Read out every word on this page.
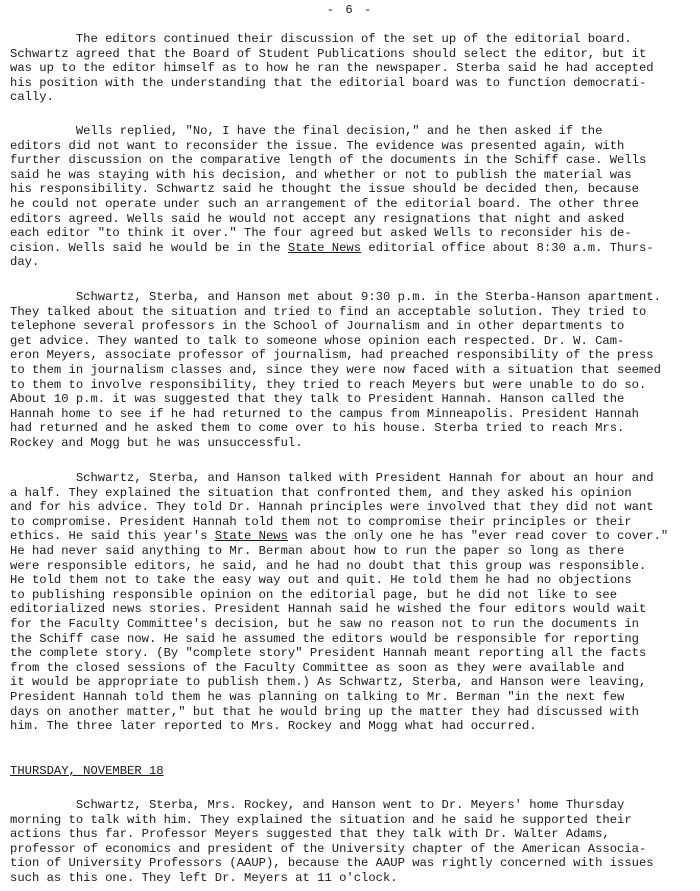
- 6 -
The editors continued their discussion of the set up of the editorial board.
Schwartz agreed that the Board of Student Publications should select the editor, but it
was up to the editor himself as to how he ran the newspaper. Sterba said he had accepted
his position with the understanding that the editorial board was to function democrati-
cally.
Wells replied, "No, I have the final decision," and he then asked if the
editors did not want to reconsider the issue. The evidence was presented again, with
further discussion on the comparative length of the documents in the Schiff case. Wells
said he was staying with his decision, and whether or not to publish the material was
his responsibility. Schwartz said he thought the issue should be decided then, because
he could not operate under such an arrangement of the editorial board. The other three
editors agreed. Wells said he would not accept any resignations that night and asked
each editor "to think it over." The four agreed but asked Wells to reconsider his de-
cision. Wells said he would be in the State News editorial office about 8:30 a.m. Thurs-
day.
Schwartz, Sterba, and Hanson met about 9:30 p.m. in the Sterba-Hanson apartment.
They talked about the situation and tried to find an acceptable solution. They tried to
telephone several professors in the School of Journalism and in other departments to
get advice. They wanted to talk to someone whose opinion each respected. Dr. W. Cam-
eron Meyers, associate professor of journalism, had preached responsibility of the press
to them in journalism classes and, since they were now faced with a situation that seemed
to them to involve responsibility, they tried to reach Meyers but were unable to do so.
About 10 p.m. it was suggested that they talk to President Hannah. Hanson called the
Hannah home to see if he had returned to the campus from Minneapolis. President Hannah
had returned and he asked them to come over to his house. Sterba tried to reach Mrs.
Rockey and Mogg but he was unsuccessful.
Schwartz, Sterba, and Hanson talked with President Hannah for about an hour and
a half. They explained the situation that confronted them, and they asked his opinion
and for his advice. They told Dr. Hannah principles were involved that they did not want
to compromise. President Hannah told them not to compromise their principles or their
ethics. He said this year's State News was the only one he has "ever read cover to cover."
He had never said anything to Mr. Berman about how to run the paper so long as there
were responsible editors, he said, and he had no doubt that this group was responsible.
He told them not to take the easy way out and quit. He told them he had no objections
to publishing responsible opinion on the editorial page, but he did not like to see
editorialized news stories. President Hannah said he wished the four editors would wait
for the Faculty Committee's decision, but he saw no reason not to run the documents in
the Schiff case now. He said he assumed the editors would be responsible for reporting
the complete story. (By "complete story" President Hannah meant reporting all the facts
from the closed sessions of the Faculty Committee as soon as they were available and
it would be appropriate to publish them.) As Schwartz, Sterba, and Hanson were leaving,
President Hannah told them he was planning on talking to Mr. Berman "in the next few
days on another matter," but that he would bring up the matter they had discussed with
him. The three later reported to Mrs. Rockey and Mogg what had occurred.
THURSDAY, NOVEMBER 18
Schwartz, Sterba, Mrs. Rockey, and Hanson went to Dr. Meyers' home Thursday
morning to talk with him. They explained the situation and he said he supported their
actions thus far. Professor Meyers suggested that they talk with Dr. Walter Adams,
professor of economics and president of the University chapter of the American Associa-
tion of University Professors (AAUP), because the AAUP was rightly concerned with issues
such as this one. They left Dr. Meyers at 11 o'clock.
